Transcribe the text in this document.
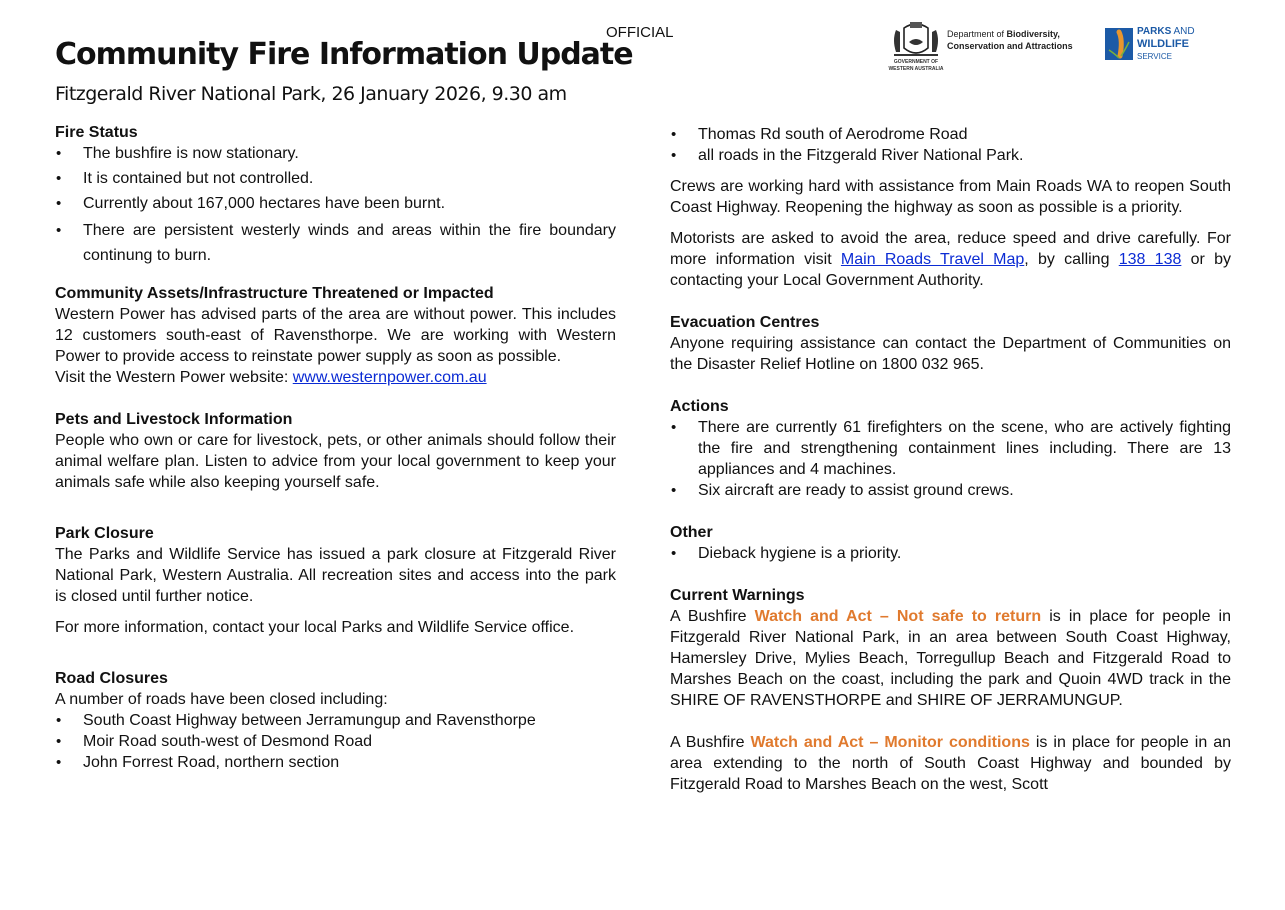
OFFICIAL
Community Fire Information Update
Fitzgerald River National Park, 26 January 2026, 9.30 am
GOVERNMENT OF
WESTERN AUSTRALIA
Department of Biodiversity,
Conservation and Attractions
PARKS AND
WILDLIFE
SERVICE
Fire Status
• The bushfire is now stationary.
• It is contained but not controlled.
• Currently about 167,000 hectares have been burnt.
• There are persistent westerly winds and areas within the fire boundary continung to burn.
Community Assets/Infrastructure Threatened or Impacted

Western Power has advised parts of the area are without power. This includes 12 customers south-east of Ravensthorpe. We are working with Western Power to provide access to reinstate power supply as soon as possible.

Visit the Western Power website: www.westernpower.com.au
Pets and Livestock Information

People who own or care for livestock, pets, or other animals should follow their animal welfare plan. Listen to advice from your local government to keep your animals safe while also keeping yourself safe.

Park Closure

The Parks and Wildlife Service has issued a park closure at Fitzgerald River National Park, Western Australia. All recreation sites and access into the park is closed until further notice.

For more information, contact your local Parks and Wildlife Service office.

Road Closures

A number of roads have been closed including:

• South Coast Highway between Jerramungup and Ravensthorpe
• Moir Road south-west of Desmond Road
• John Forrest Road, northern section
• Thomas Rd south of Aerodrome Road
• all roads in the Fitzgerald River National Park.

Crews are working hard with assistance from Main Roads WA to reopen South Coast Highway. Reopening the highway as soon as possible is a priority.

Motorists are asked to avoid the area, reduce speed and drive carefully. For more information visit Main Roads Travel Map, by calling 138 138 or by contacting your Local Government Authority.

Evacuation Centres

Anyone requiring assistance can contact the Department of Communities on the Disaster Relief Hotline on 1800 032 965.

Actions
• There are currently 61 firefighters on the scene, who are actively fighting the fire and strengthening containment lines including. There are 13 appliances and 4 machines.
• Six aircraft are ready to assist ground crews.
Other
• Dieback hygiene is a priority.
Current Warnings

A Bushfire Watch and Act – Not safe to return is in place for people in Fitzgerald River National Park, in an area between South Coast Highway, Hamersley Drive, Mylies Beach, Torregullup Beach and Fitzgerald Road to Marshes Beach on the coast, including the park and Quoin 4WD track in the SHIRE OF RAVENSTHORPE and SHIRE OF JERRAMUNGUP.

A Bushfire Watch and Act – Monitor conditions is in place for people in an area extending to the north of South Coast Highway and bounded by Fitzgerald Road to Marshes Beach on the west, Scott
